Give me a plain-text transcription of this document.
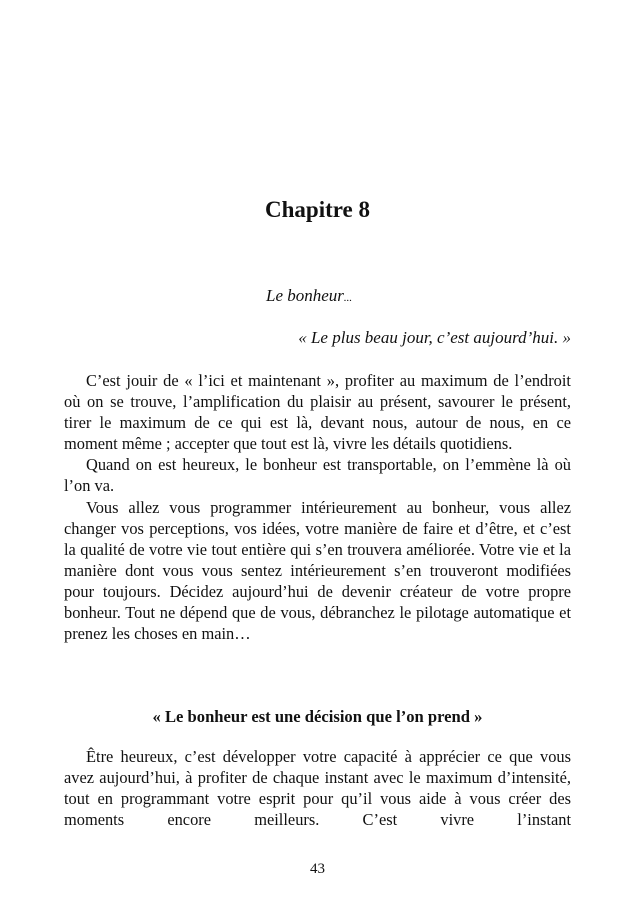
Chapitre 8

Le bonheur...

« Le plus beau jour, c’est aujourd’hui. »

C’est jouir de « l’ici et maintenant », profiter au maximum de l’endroit où on se trouve, l’amplification du plaisir au présent, savourer le présent, tirer le maximum de ce qui est là, devant nous, autour de nous, en ce moment même ; accepter que tout est là, vivre les détails quotidiens.

Quand on est heureux, le bonheur est transportable, on l’emmène là où l’on va.

Vous allez vous programmer intérieurement au bonheur, vous allez changer vos perceptions, vos idées, votre manière de faire et d’être, et c’est la qualité de votre vie tout entière qui s’en trouvera améliorée. Votre vie et la manière dont vous vous sentez intérieurement s’en trouveront modifiées pour toujours. Décidez aujourd’hui de devenir créateur de votre propre bonheur. Tout ne dépend que de vous, débranchez le pilotage automatique et prenez les choses en main…

« Le bonheur est une décision que l’on prend »

Être heureux, c’est développer votre capacité à apprécier ce que vous avez aujourd’hui, à profiter de chaque instant avec le maximum d’intensité, tout en programmant votre esprit pour qu’il vous aide à vous créer des moments encore meilleurs. C’est vivre l’instant

43
